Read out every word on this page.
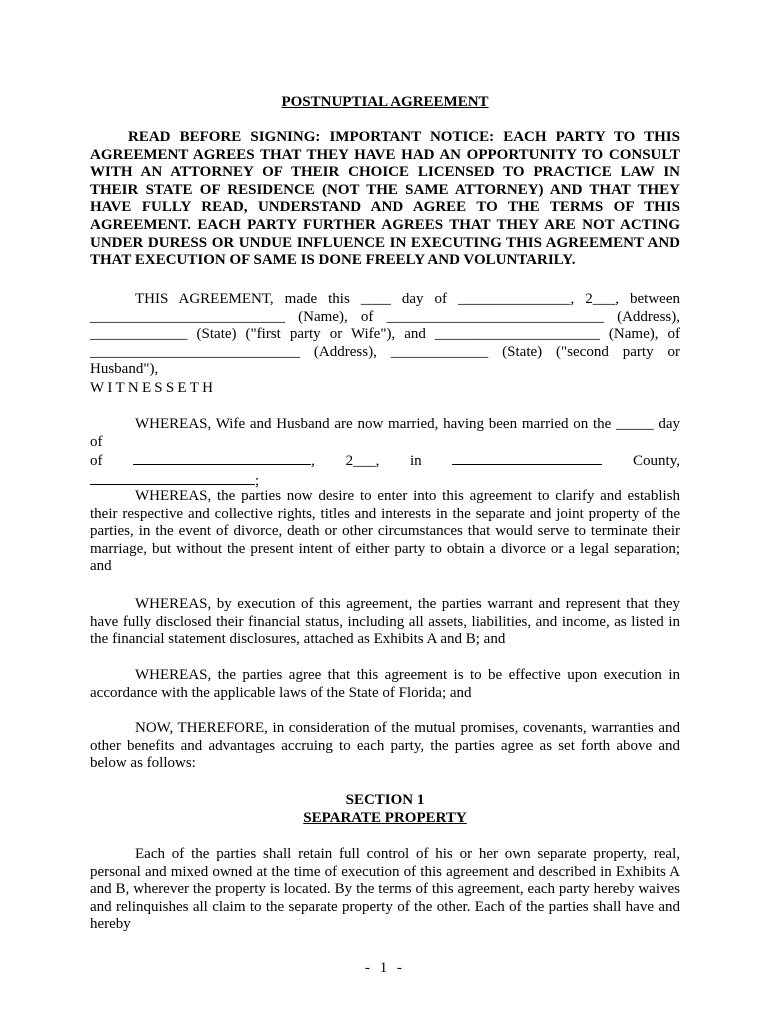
POSTNUPTIAL AGREEMENT

READ BEFORE SIGNING: IMPORTANT NOTICE: EACH PARTY TO THIS AGREEMENT AGREES THAT THEY HAVE HAD AN OPPORTUNITY TO CONSULT WITH AN ATTORNEY OF THEIR CHOICE LICENSED TO PRACTICE LAW IN THEIR STATE OF RESIDENCE (NOT THE SAME ATTORNEY) AND THAT THEY HAVE FULLY READ, UNDERSTAND AND AGREE TO THE TERMS OF THIS AGREEMENT. EACH PARTY FURTHER AGREES THAT THEY ARE NOT ACTING UNDER DURESS OR UNDUE INFLUENCE IN EXECUTING THIS AGREEMENT AND THAT EXECUTION OF SAME IS DONE FREELY AND VOLUNTARILY.

THIS AGREEMENT, made this ____ day of _______________, 2___, between __________________________ (Name), of _____________________________ (Address), _____________ (State) ("first party or Wife"), and ______________________ (Name), of ____________________________ (Address), _____________ (State) ("second party or Husband"),

WITNESSETH

WHEREAS, Wife and Husband are now married, having been married on the _____ day of
of	, 2___, in	County,
;

WHEREAS, the parties now desire to enter into this agreement to clarify and establish their respective and collective rights, titles and interests in the separate and joint property of the parties, in the event of divorce, death or other circumstances that would serve to terminate their marriage, but without the present intent of either party to obtain a divorce or a legal separation; and

WHEREAS, by execution of this agreement, the parties warrant and represent that they have fully disclosed their financial status, including all assets, liabilities, and income, as listed in the financial statement disclosures, attached as Exhibits A and B; and

WHEREAS, the parties agree that this agreement is to be effective upon execution in accordance with the applicable laws of the State of Florida; and

NOW, THEREFORE, in consideration of the mutual promises, covenants, warranties and other benefits and advantages accruing to each party, the parties agree as set forth above and below as follows:

SECTION 1
SEPARATE PROPERTY

Each of the parties shall retain full control of his or her own separate property, real, personal and mixed owned at the time of execution of this agreement and described in Exhibits A and B, wherever the property is located. By the terms of this agreement, each party hereby waives and relinquishes all claim to the separate property of the other. Each of the parties shall have and hereby

- 1 -
